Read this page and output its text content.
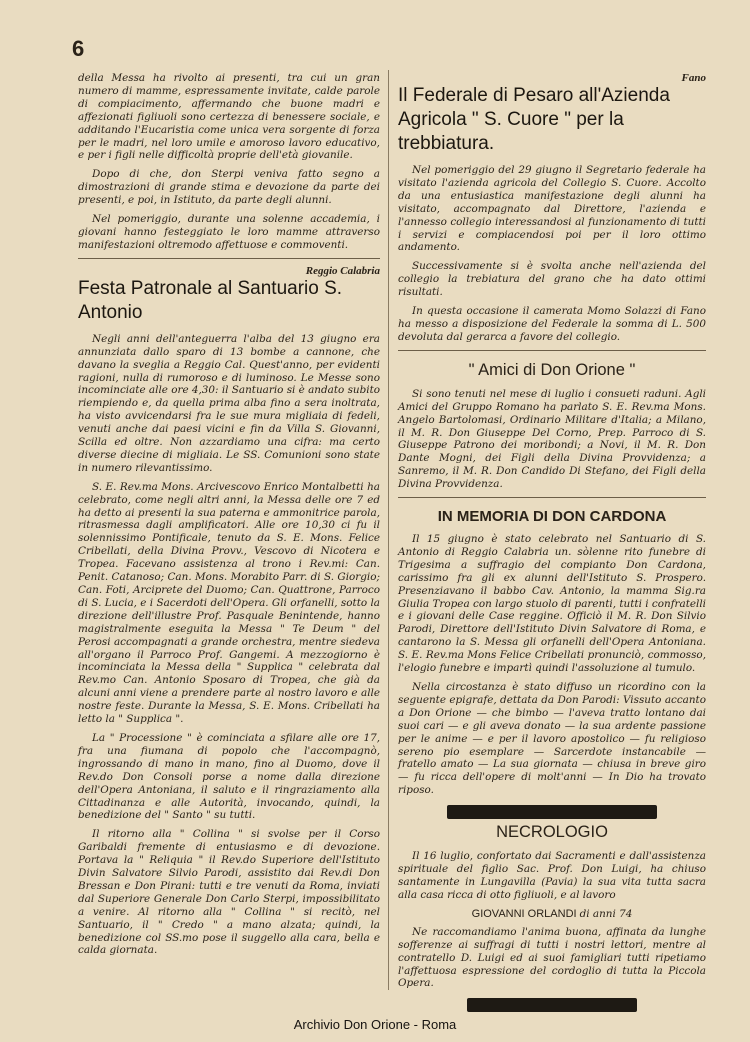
6

della Messa ha rivolto ai presenti, tra cui un gran numero di mamme, espressamente invitate, calde parole di compiacimento, affermando che buone madri e affezionati figliuoli sono certezza di benessere sociale, e additando l'Eucaristia come unica vera sorgente di forza per le madri, nel loro umile e amoroso lavoro educativo, e per i figli nelle difficoltà proprie dell'età giovanile.

Dopo di che, don Sterpi veniva fatto segno a dimostrazioni di grande stima e devozione da parte dei presenti, e poi, in Istituto, da parte degli alunni.

Nel pomeriggio, durante una solenne accademia, i giovani hanno festeggiato le loro mamme attraverso manifestazioni oltremodo affettuose e commoventi.

Reggio Calabria

Festa Patronale al Santuario S. Antonio

Negli anni dell'anteguerra l'alba del 13 giugno era annunziata dallo sparo di 13 bombe a cannone, che davano la sveglia a Reggio Cal. Quest'anno, per evidenti ragioni, nulla di rumoroso e di luminoso. Le Messe sono incominciate alle ore 4,30: il Santuario si è andato subito riempiendo e, da quella prima alba fino a sera inoltrata, ha visto avvicendarsi fra le sue mura migliaia di fedeli, venuti anche dai paesi vicini e fin da Villa S. Giovanni, Scilla ed oltre. Non azzardiamo una cifra: ma certo diverse diecine di migliaia. Le SS. Comunioni sono state in numero rilevantissimo.

S. E. Rev.ma Mons. Arcivescovo Enrico Montalbetti ha celebrato, come negli altri anni, la Messa delle ore 7 ed ha detto ai presenti la sua paterna e ammonitrice parola, ritrasmessa dagli amplificatori. Alle ore 10,30 ci fu il solennissimo Pontificale, tenuto da S. E. Mons. Felice Cribellati, della Divina Provv., Vescovo di Nicotera e Tropea. Facevano assistenza al trono i Rev.mi: Can. Penit. Catanoso; Can. Mons. Morabito Parr. di S. Giorgio; Can. Foti, Arciprete del Duomo; Can. Quattrone, Parroco di S. Lucia, e i Sacerdoti dell'Opera. Gli orfanelli, sotto la direzione dell'illustre Prof. Pasquale Benintende, hanno magistralmente eseguita la Messa " Te Deum " del Perosi accompagnati a grande orchestra, mentre siedeva all'organo il Parroco Prof. Gangemi. A mezzogiorno è incominciata la Messa della " Supplica " celebrata dal Rev.mo Can. Antonio Sposaro di Tropea, che già da alcuni anni viene a prendere parte al nostro lavoro e alle nostre feste. Durante la Messa, S. E. Mons. Cribellati ha letto la " Supplica ".

La " Processione " è cominciata a sfilare alle ore 17, fra una fiumana di popolo che l'accompagnò, ingrossando di mano in mano, fino al Duomo, dove il Rev.do Don Consoli porse a nome dalla direzione dell'Opera Antoniana, il saluto e il ringraziamento alla Cittadinanza e alle Autorità, invocando, quindi, la benedizione del " Santo " su tutti.

Il ritorno alla " Collina " si svolse per il Corso Garibaldi fremente di entusiasmo e di devozione. Portava la " Reliquia " il Rev.do Superiore dell'Istituto Divin Salvatore Silvio Parodi, assistito dai Rev.di Don Bressan e Don Pirani: tutti e tre venuti da Roma, inviati dal Superiore Generale Don Carlo Sterpi, impossibilitato a venire. Al ritorno alla " Collina " si recitò, nel Santuario, il " Credo " a mano alzata; quindi, la benedizione col SS.mo pose il suggello alla cara, bella e calda giornata.

Fano

Il Federale di Pesaro all'Azienda Agricola " S. Cuore " per la trebbiatura.

Nel pomeriggio del 29 giugno il Segretario federale ha visitato l'azienda agricola del Collegio S. Cuore. Accolto da una entusiastica manifestazione degli alunni ha visitato, accompagnato dal Direttore, l'azienda e l'annesso collegio interessandosi al funzionamento di tutti i servizi e compiacendosi poi per il loro ottimo andamento.

Successivamente si è svolta anche nell'azienda del collegio la trebiatura del grano che ha dato ottimi risultati.

In questa occasione il camerata Momo Solazzi di Fano ha messo a disposizione del Federale la somma di L. 500 devoluta dal gerarca a favore del collegio.

" Amici di Don Orione "

Si sono tenuti nel mese di luglio i consueti raduni. Agli Amici del Gruppo Romano ha parlato S. E. Rev.ma Mons. Angelo Bartolomasi, Ordinario Militare d'Italia; a Milano, il M. R. Don Giuseppe Del Corno, Prep. Parroco di S. Giuseppe Patrono dei moribondi; a Novi, il M. R. Don Dante Mogni, dei Figli della Divina Provvidenza; a Sanremo, il M. R. Don Candido Di Stefano, dei Figli della Divina Provvidenza.

IN MEMORIA DI DON CARDONA

Il 15 giugno è stato celebrato nel Santuario di S. Antonio di Reggio Calabria un. sòlenne rito funebre di Trigesima a suffragio del compianto Don Cardona, carissimo fra gli ex alunni dell'Istituto S. Prospero. Presenziavano il babbo Cav. Antonio, la mamma Sig.ra Giulia Tropea con largo stuolo di parenti, tutti i confratelli e i giovani delle Case reggine. Officiò il M. R. Don Silvio Parodi, Direttore dell'Istituto Divin Salvatore di Roma, e cantarono la S. Messa gli orfanelli dell'Opera Antoniana. S. E. Rev.ma Mons Felice Cribellati pronunciò, commosso, l'elogio funebre e impartì quindi l'assoluzione al tumulo.

Nella circostanza è stato diffuso un ricordino con la seguente epigrafe, dettata da Don Parodi: Vissuto accanto a Don Orione — che bimbo — l'aveva tratto lontano dai suoi cari — e gli aveva donato — la sua ardente passione per le anime — e per il lavoro apostolico — fu religioso sereno pio esemplare — Sarcerdote instancabile — fratello amato — La sua giornata — chiusa in breve giro — fu ricca dell'opere di molt'anni — In Dio ha trovato riposo.

NECROLOGIO

Il 16 luglio, confortato dai Sacramenti e dall'assistenza spirituale del figlio Sac. Prof. Don Luigi, ha chiuso santamente in Lungavilla (Pavia) la sua vita tutta sacra alla casa ricca di otto figliuoli, e al lavoro

GIOVANNI ORLANDI di anni 74

Ne raccomandiamo l'anima buona, affinata da lunghe sofferenze ai suffragi di tutti i nostri lettori, mentre al contratello D. Luigi ed ai suoi famigliari tutti ripetiamo l'affettuosa espressione del cordoglio di tutta la Piccola Opera.

Archivio Don Orione - Roma
